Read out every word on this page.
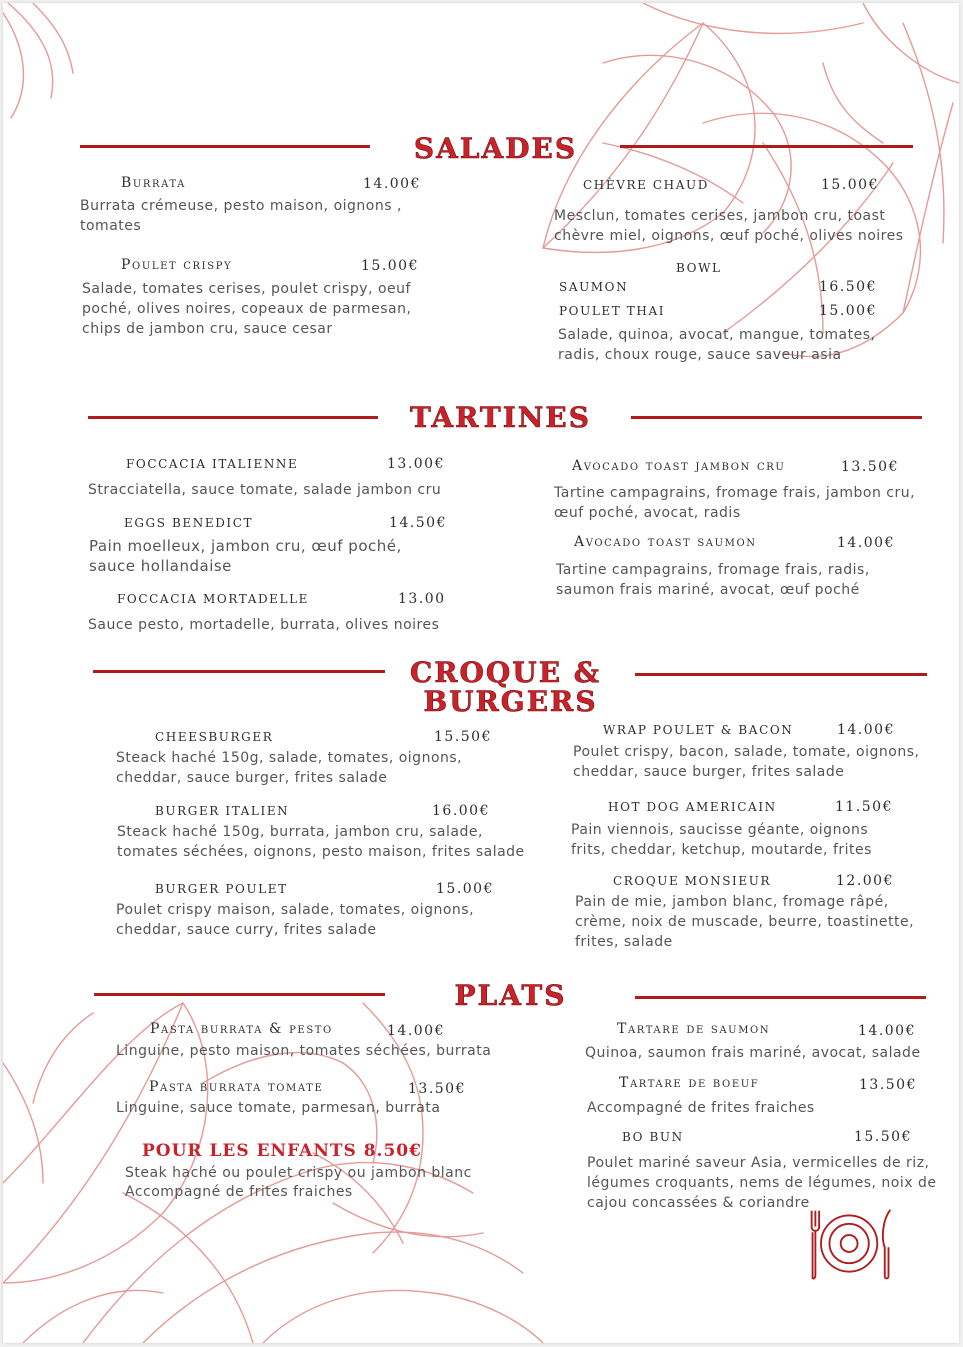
SALADES
Burrata	14.00€
Burrata crémeuse, pesto maison, oignons , tomates
Poulet crispy	15.00€
Salade, tomates cerises, poulet crispy, oeuf poché, olives noires, copeaux de parmesan, chips de jambon cru, sauce cesar
CHÈVRE CHAUD	15.00€
Mesclun, tomates cerises, jambon cru, toast chèvre miel, oignons, œuf poché, olives noires
BOWL
SAUMON	16.50€
POULET THAI	15.00€
Salade, quinoa, avocat, mangue, tomates, radis, choux rouge, sauce saveur asia
TARTINES
FOCCACIA ITALIENNE	13.00€
Stracciatella, sauce tomate, salade jambon cru
EGGS BENEDICT	14.50€
Pain moelleux, jambon cru, œuf poché, sauce hollandaise
FOCCACIA MORTADELLE	13.00
Sauce pesto, mortadelle, burrata, olives noires
Avocado toast jambon cru	13.50€
Tartine campagrains, fromage frais, jambon cru, œuf poché, avocat, radis
Avocado toast saumon	14.00€
Tartine campagrains, fromage frais, radis, saumon frais mariné, avocat, œuf poché
CROQUE &
BURGERS
CHEESBURGER	15.50€
Steack haché 150g, salade, tomates, oignons, cheddar, sauce burger, frites salade
BURGER ITALIEN	16.00€
Steack haché 150g, burrata, jambon cru, salade, tomates séchées, oignons, pesto maison, frites salade
BURGER POULET	15.00€
Poulet crispy maison, salade, tomates, oignons, cheddar, sauce curry, frites salade
WRAP POULET & BACON	14.00€
Poulet crispy, bacon, salade, tomate, oignons, cheddar, sauce burger, frites salade
HOT DOG AMERICAIN	11.50€
Pain viennois, saucisse géante, oignons frits, cheddar, ketchup, moutarde, frites
CROQUE MONSIEUR	12.00€
Pain de mie, jambon blanc, fromage râpé, crème, noix de muscade, beurre, toastinette, frites, salade
PLATS
Pasta burrata & pesto	14.00€
Linguine, pesto maison, tomates séchées, burrata
Pasta burrata tomate	13.50€
Linguine, sauce tomate, parmesan, burrata
POUR LES ENFANTS 8.50€
Steak haché ou poulet crispy ou jambon blanc
Accompagné de frites fraiches
Tartare de saumon	14.00€
Quinoa, saumon frais mariné, avocat, salade
Tartare de boeuf	13.50€
Accompagné de frites fraiches
BO BUN	15.50€
Poulet mariné saveur Asia, vermicelles de riz, légumes croquants, nems de légumes, noix de cajou concassées & coriandre
